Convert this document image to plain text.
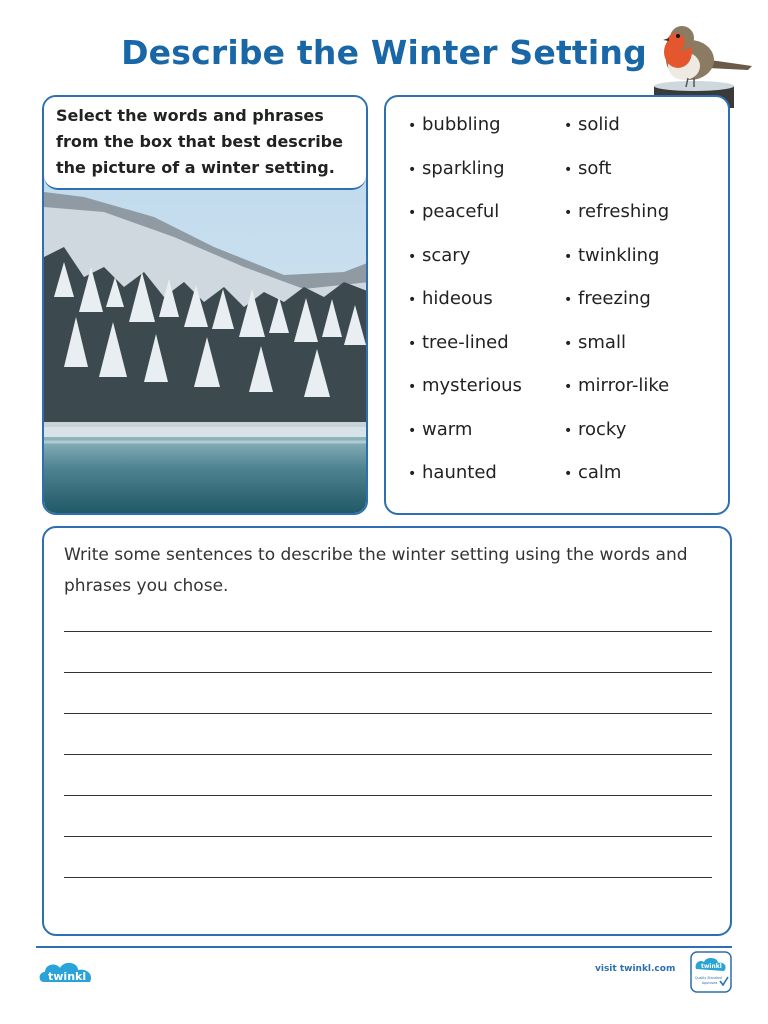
Describe the Winter Setting
Select the words and phrases from the box that best describe the picture of a winter setting.
• bubbling
• sparkling
• peaceful
• scary
• hideous
• tree-lined
• mysterious
• warm
• haunted
• solid
• soft
• refreshing
• twinkling
• freezing
• small
• mirror-like
• rocky
• calm
Write some sentences to describe the winter setting using the words and phrases you chose.
twinkl
visit twinkl.com	twinkl
Quality Standard
Approved
